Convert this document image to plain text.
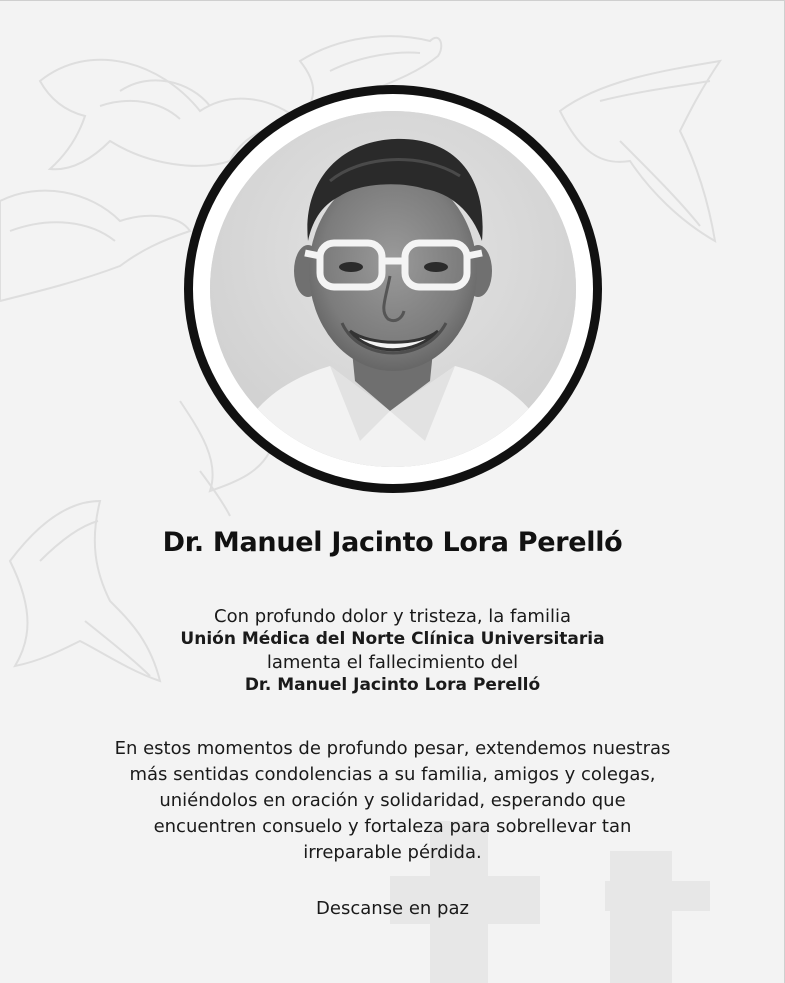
Dr. Manuel Jacinto Lora Perelló

Con profundo dolor y tristeza, la familia

Unión Médica del Norte Clínica Universitaria

lamenta el fallecimiento del

Dr. Manuel Jacinto Lora Perelló

En estos momentos de profundo pesar, extendemos nuestras

más sentidas condolencias a su familia, amigos y colegas,

uniéndolos en oración y solidaridad, esperando que

encuentren consuelo y fortaleza para sobrellevar tan

irreparable pérdida.

Descanse en paz
